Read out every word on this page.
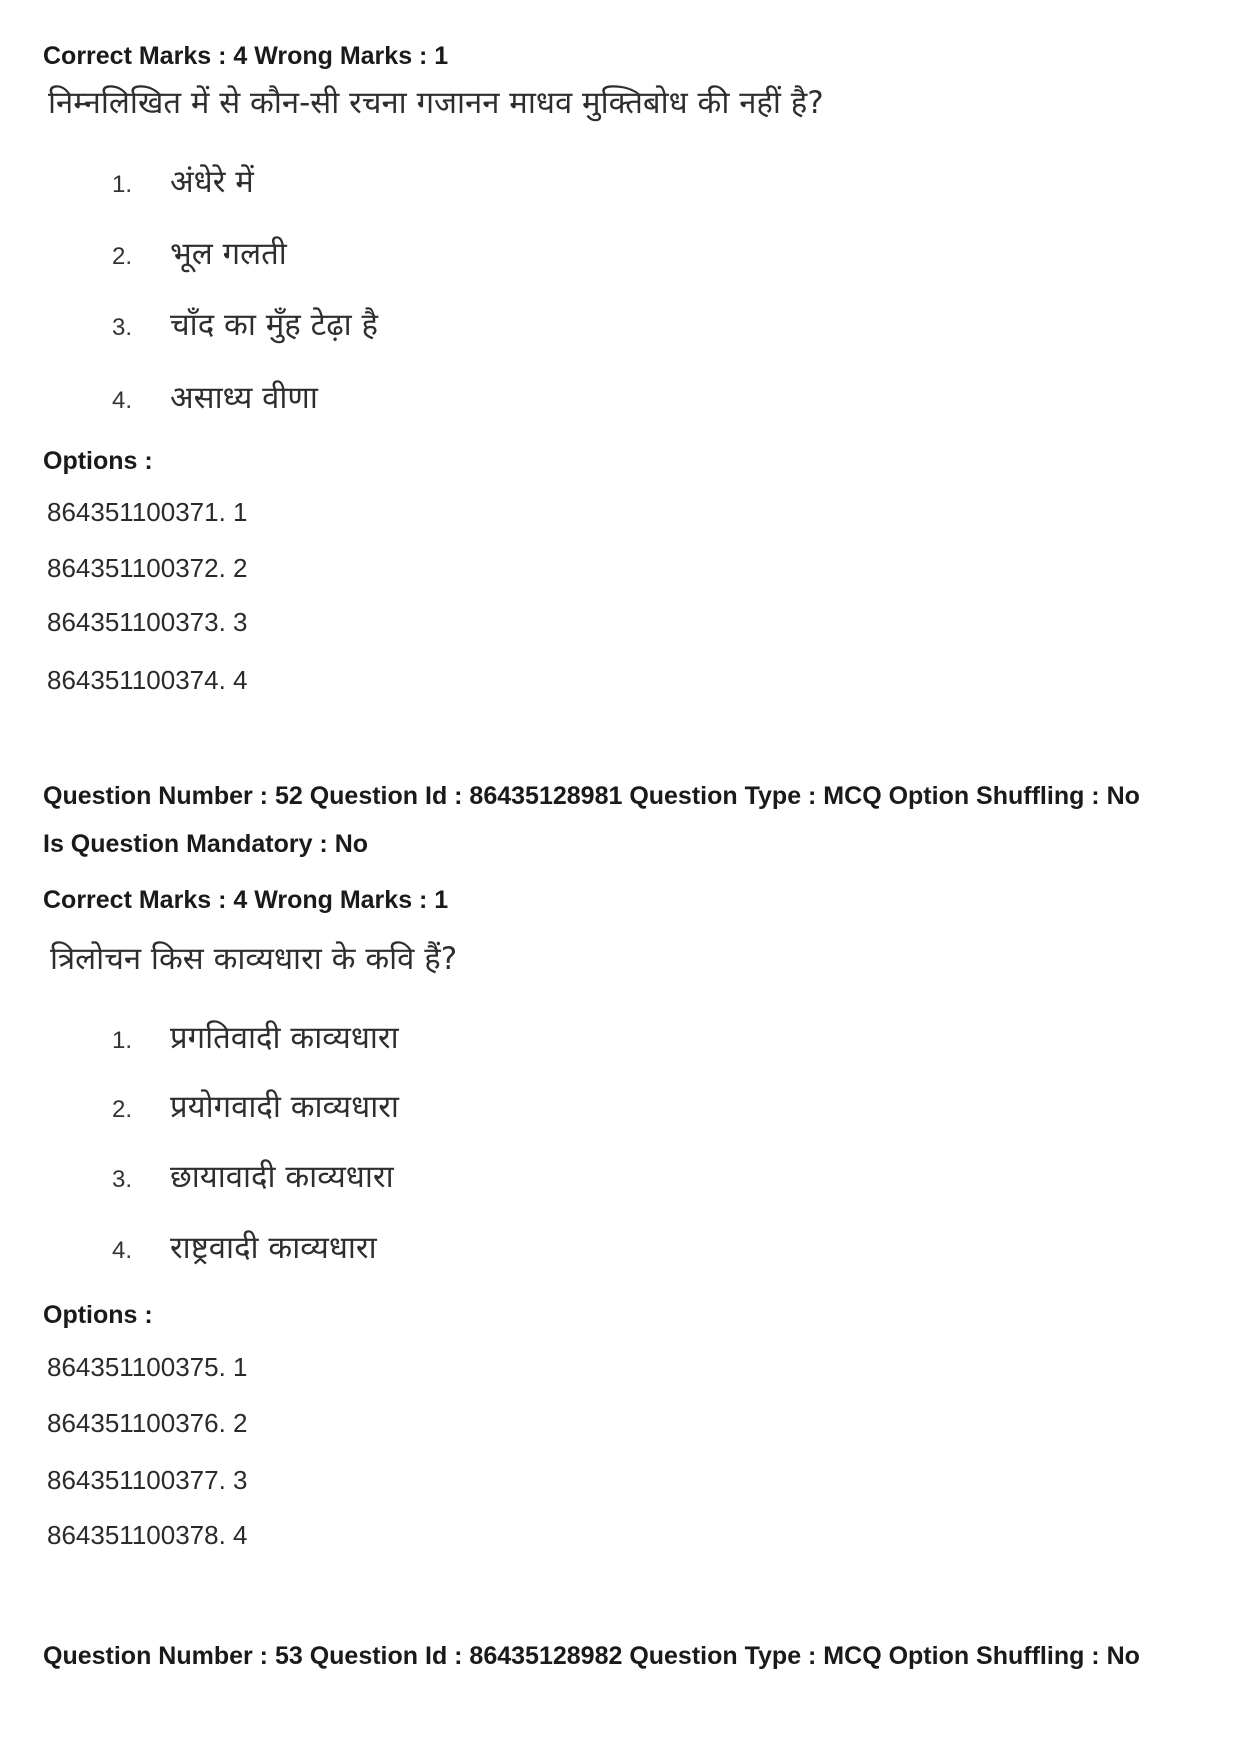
Correct Marks : 4 Wrong Marks : 1
निम्नलिखित में से कौन-सी रचना गजानन माधव मुक्तिबोध की नहीं है?
1. अंधेरे में
2. भूल गलती
3. चाँद का मुँह टेढ़ा है
4. असाध्य वीणा
Options :
864351100371. 1
864351100372. 2
864351100373. 3
864351100374. 4
Question Number : 52 Question Id : 86435128981 Question Type : MCQ Option Shuffling : No
Is Question Mandatory : No
Correct Marks : 4 Wrong Marks : 1
त्रिलोचन किस काव्यधारा के कवि हैं?
1. प्रगतिवादी काव्यधारा
2. प्रयोगवादी काव्यधारा
3. छायावादी काव्यधारा
4. राष्ट्रवादी काव्यधारा
Options :
864351100375. 1
864351100376. 2
864351100377. 3
864351100378. 4
Question Number : 53 Question Id : 86435128982 Question Type : MCQ Option Shuffling : No
